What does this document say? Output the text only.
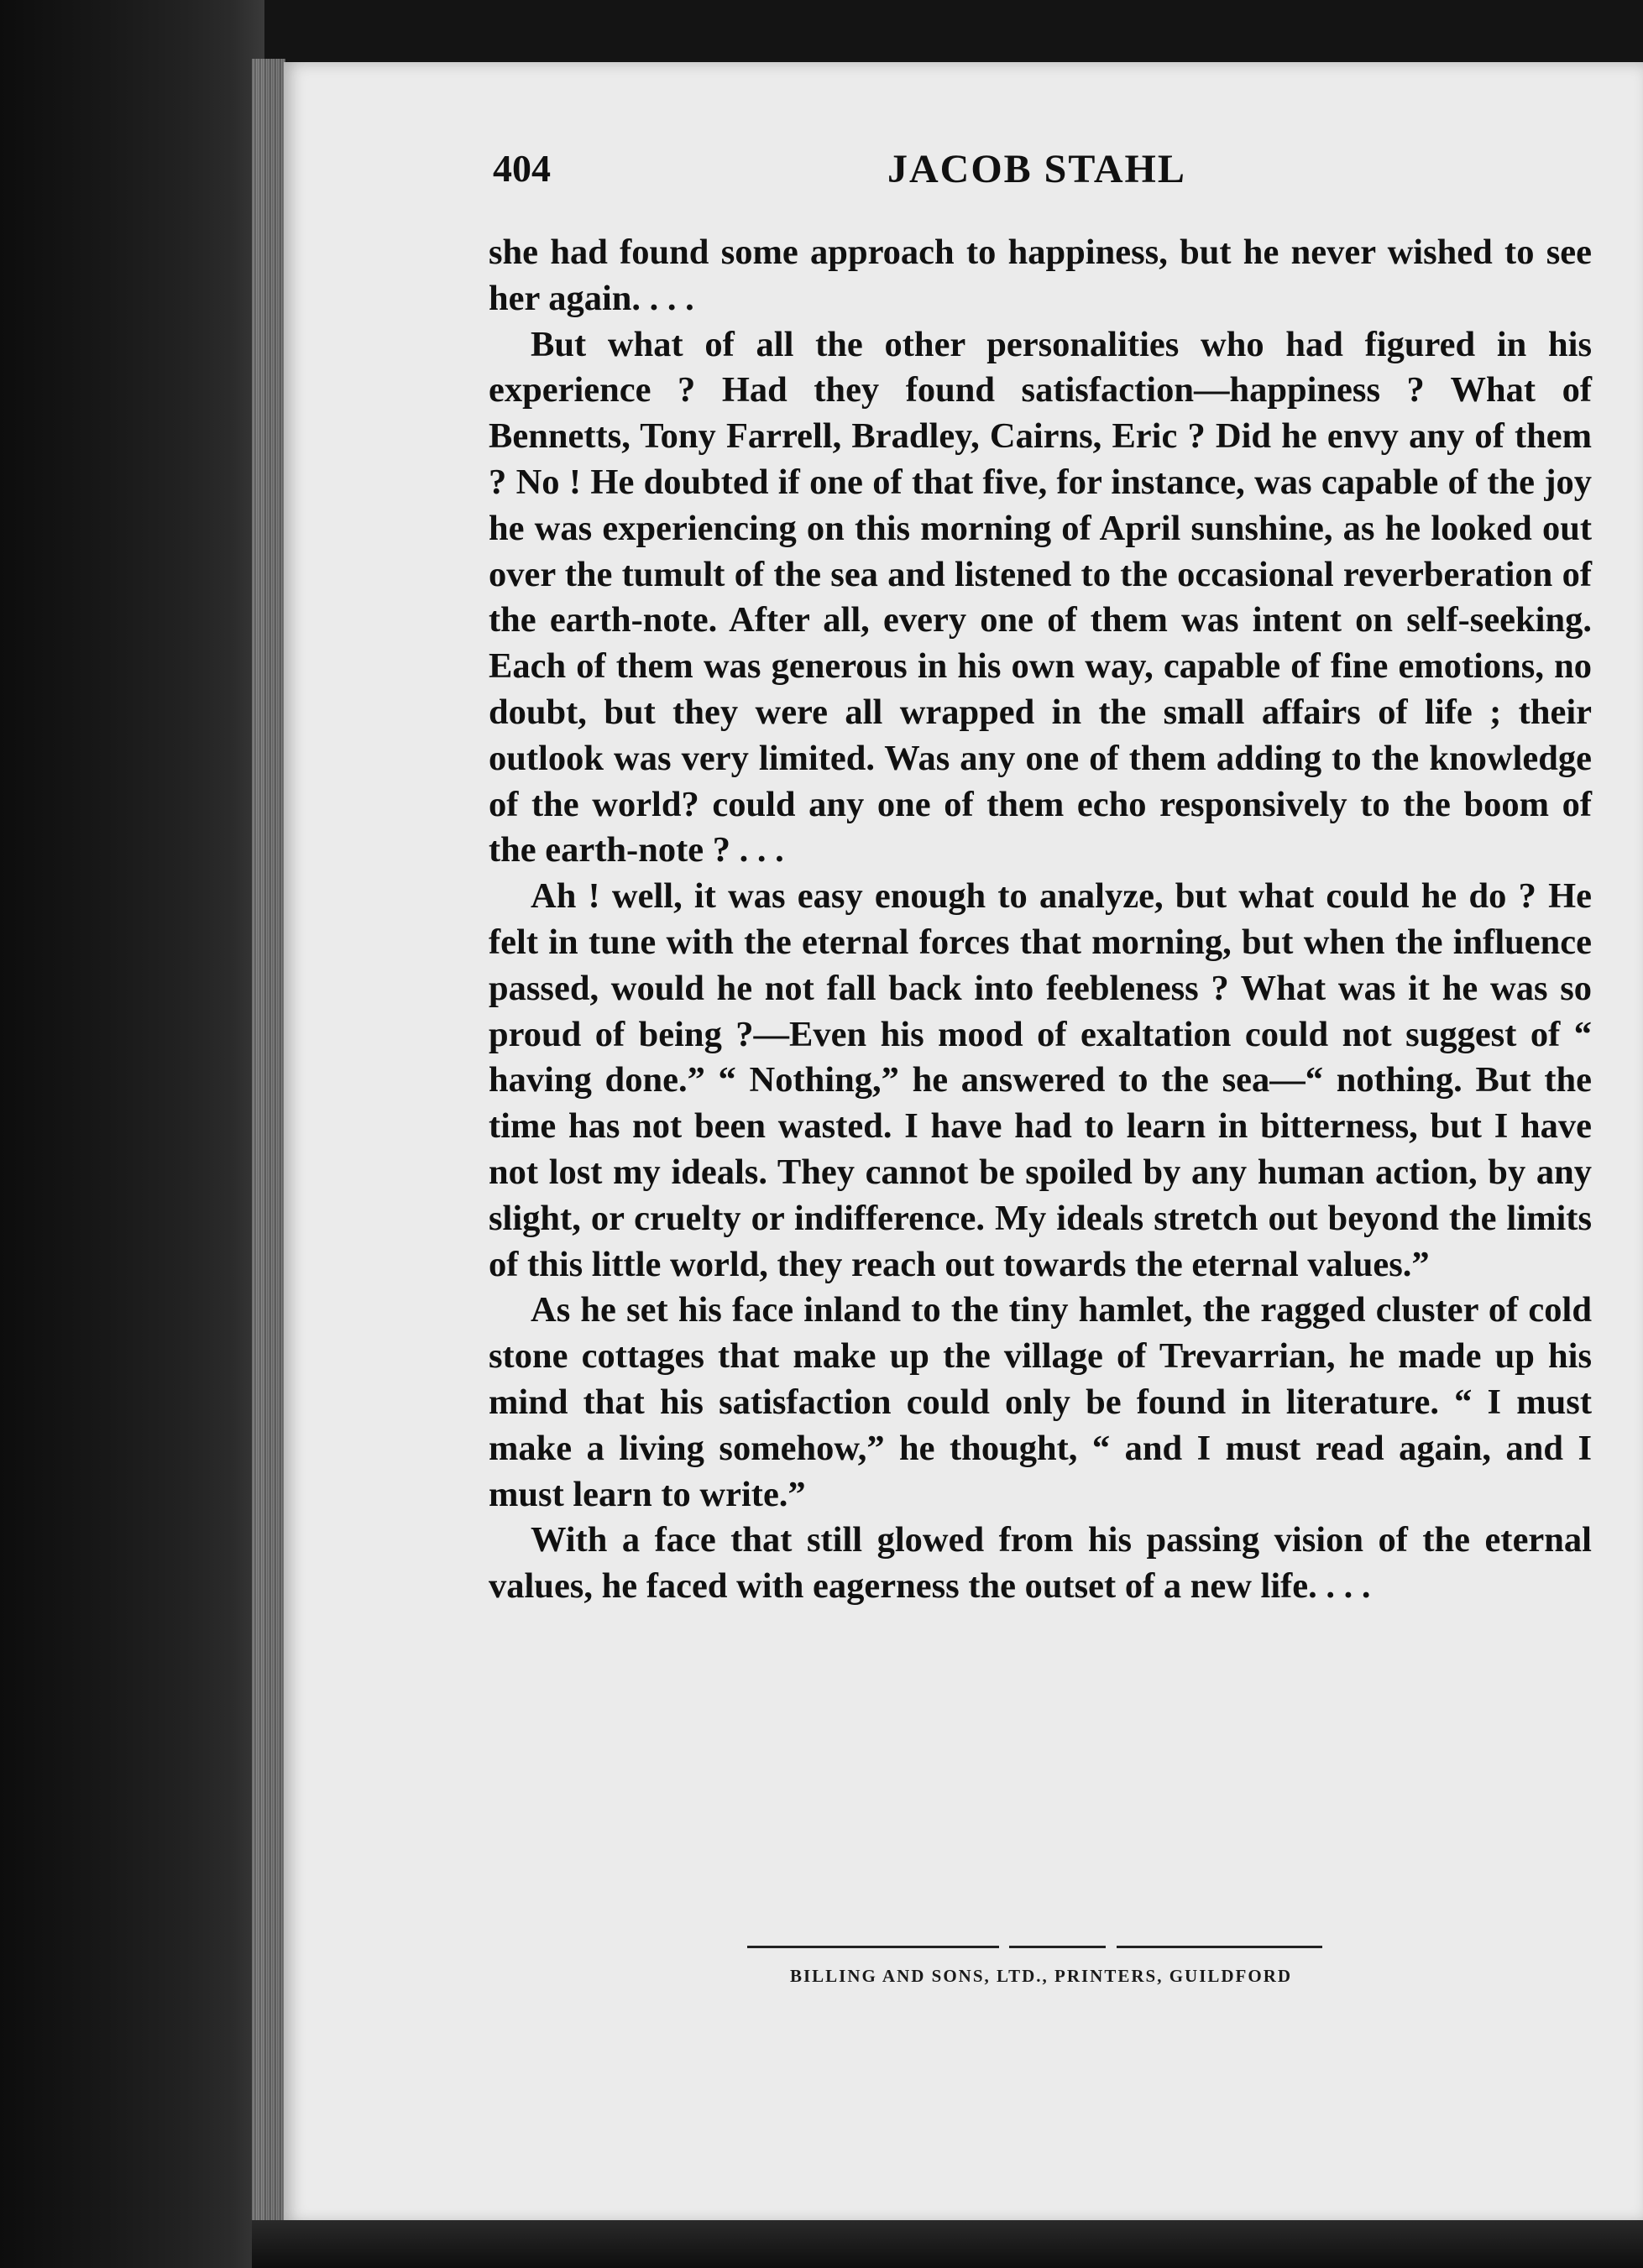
404	JACOB STAHL

she had found some approach to happiness, but he never wished to see her again. . . .

But what of all the other personalities who had figured in his experience ? Had they found satisfaction—happiness ? What of Bennetts, Tony Farrell, Bradley, Cairns, Eric ? Did he envy any of them ? No ! He doubted if one of that five, for instance, was capable of the joy he was experiencing on this morning of April sunshine, as he looked out over the tumult of the sea and listened to the occasional reverberation of the earth-note. After all, every one of them was intent on self-seeking. Each of them was generous in his own way, capable of fine emotions, no doubt, but they were all wrapped in the small affairs of life ; their outlook was very limited. Was any one of them adding to the knowledge of the world? could any one of them echo responsively to the boom of the earth-note ? . . .

Ah ! well, it was easy enough to analyze, but what could he do ? He felt in tune with the eternal forces that morning, but when the influence passed, would he not fall back into feebleness ? What was it he was so proud of being ?—Even his mood of exaltation could not suggest of “ having done.” “ Nothing,” he answered to the sea—“ nothing. But the time has not been wasted. I have had to learn in bitterness, but I have not lost my ideals. They cannot be spoiled by any human action, by any slight, or cruelty or indifference. My ideals stretch out beyond the limits of this little world, they reach out towards the eternal values.”

As he set his face inland to the tiny hamlet, the ragged cluster of cold stone cottages that make up the village of Trevarrian, he made up his mind that his satisfaction could only be found in literature. “ I must make a living somehow,” he thought, “ and I must read again, and I must learn to write.”

With a face that still glowed from his passing vision of the eternal values, he faced with eagerness the outset of a new life. . . .

BILLING AND SONS, LTD., PRINTERS, GUILDFORD
